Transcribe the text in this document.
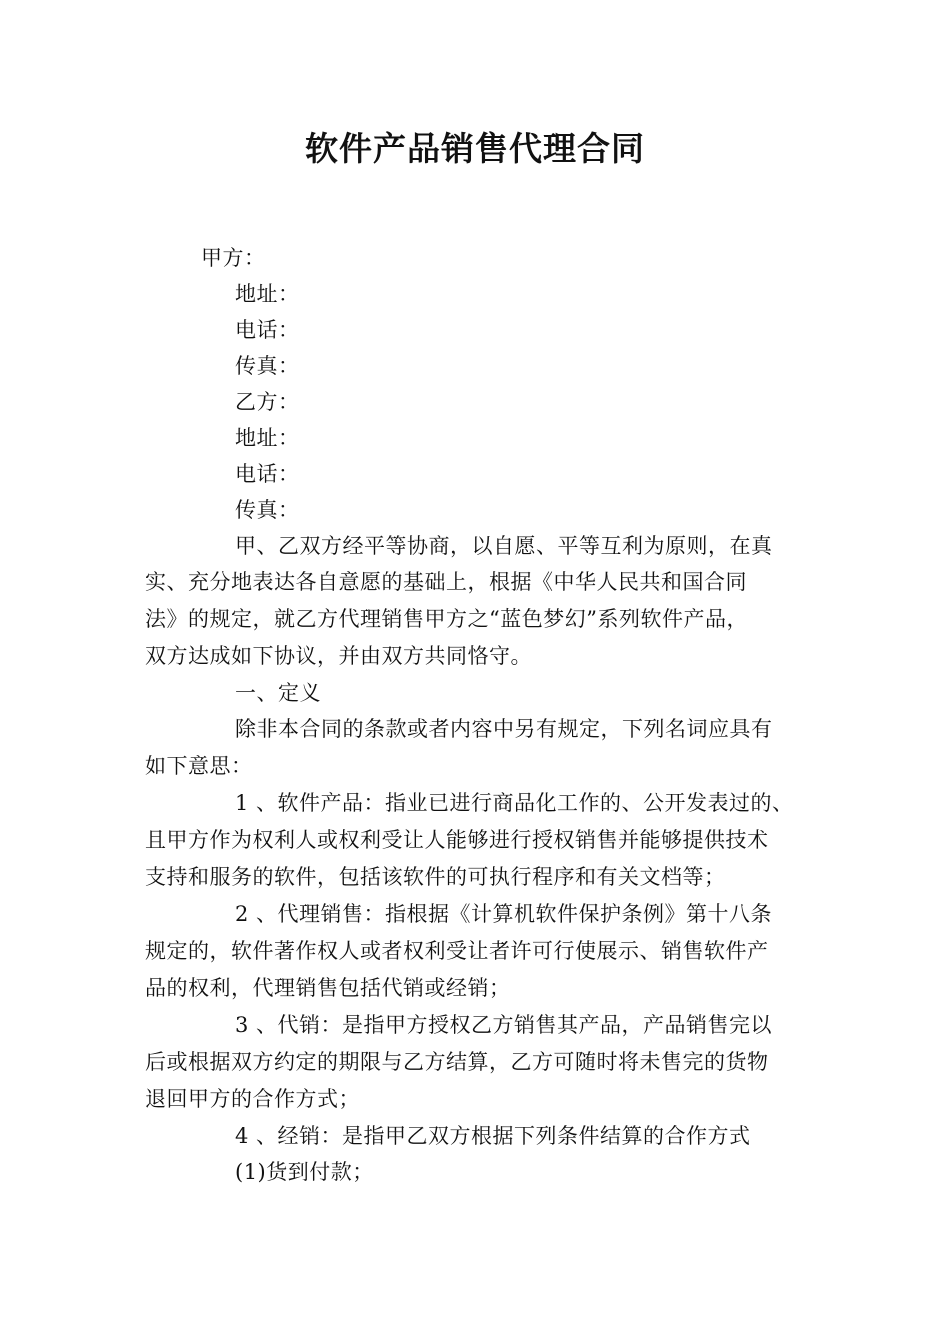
软件产品销售代理合同
甲方：
地址：
电话：
传真：
乙方：
地址：
电话：
传真：
甲、乙双方经平等协商，以自愿、平等互利为原则，在真
实、充分地表达各自意愿的基础上，根据《中华人民共和国合同
法》的规定，就乙方代理销售甲方之“蓝色梦幻”系列软件产品，
双方达成如下协议，并由双方共同恪守。
一、定义
除非本合同的条款或者内容中另有规定，下列名词应具有
如下意思：
1 、软件产品：指业已进行商品化工作的、公开发表过的、
且甲方作为权利人或权利受让人能够进行授权销售并能够提供技术
支持和服务的软件，包括该软件的可执行程序和有关文档等；
2 、代理销售：指根据《计算机软件保护条例》第十八条
规定的，软件著作权人或者权利受让者许可行使展示、销售软件产
品的权利，代理销售包括代销或经销；
3 、代销：是指甲方授权乙方销售其产品，产品销售完以
后或根据双方约定的期限与乙方结算，乙方可随时将未售完的货物
退回甲方的合作方式；
4 、经销：是指甲乙双方根据下列条件结算的合作方式
(1)货到付款；
